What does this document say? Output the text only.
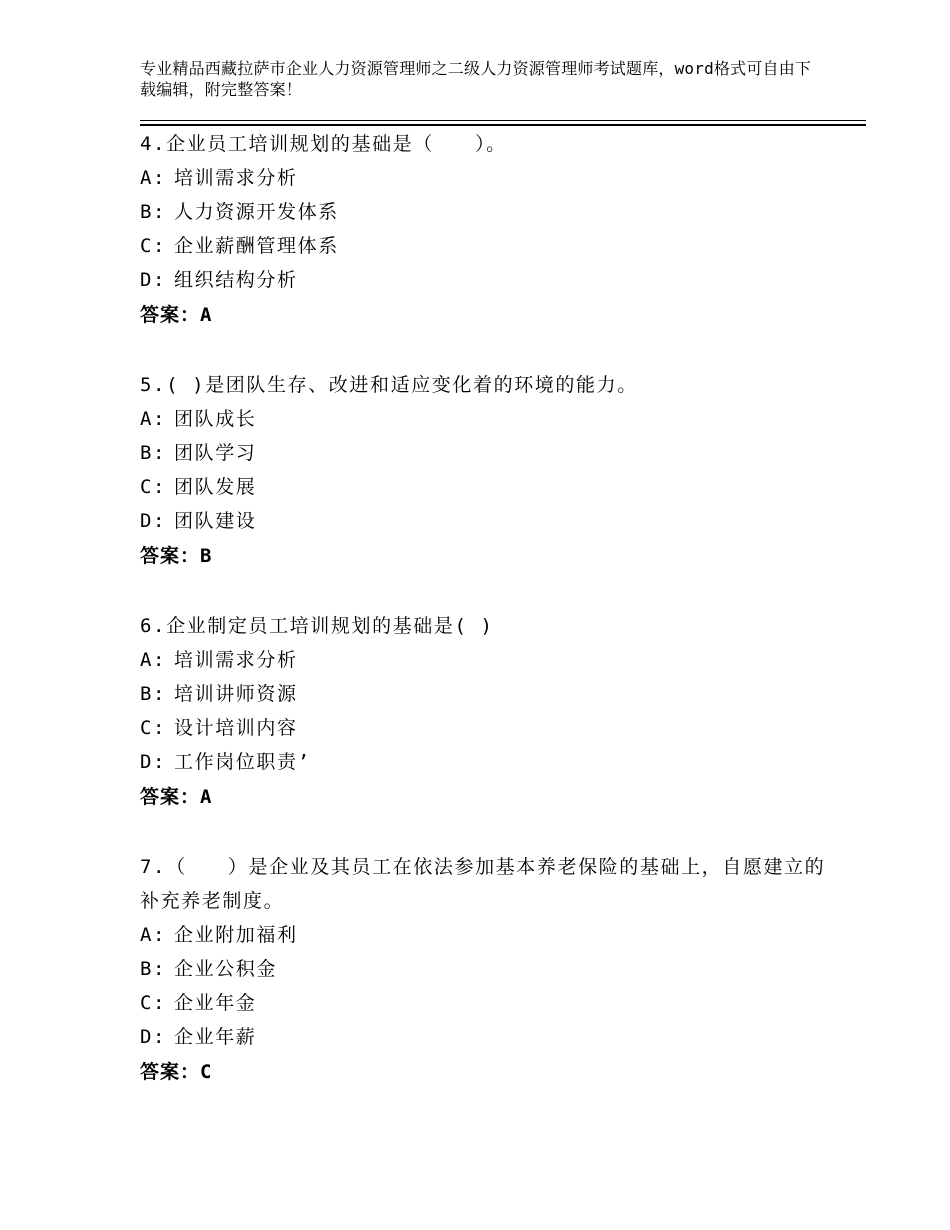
专业精品西藏拉萨市企业人力资源管理师之二级人力资源管理师考试题库，word格式可自由下载编辑，附完整答案！
4.企业员工培训规划的基础是（　　）。
A: 培训需求分析
B: 人力资源开发体系
C: 企业薪酬管理体系
D: 组织结构分析
答案：A
5.( )是团队生存、改进和适应变化着的环境的能力。
A: 团队成长
B: 团队学习
C: 团队发展
D: 团队建设
答案：B
6.企业制定员工培训规划的基础是( )
A: 培训需求分析
B: 培训讲师资源
C: 设计培训内容
D: 工作岗位职责’
答案：A
7.（　　）是企业及其员工在依法参加基本养老保险的基础上，自愿建立的补充养老制度。
A: 企业附加福利
B: 企业公积金
C: 企业年金
D: 企业年薪
答案：C
